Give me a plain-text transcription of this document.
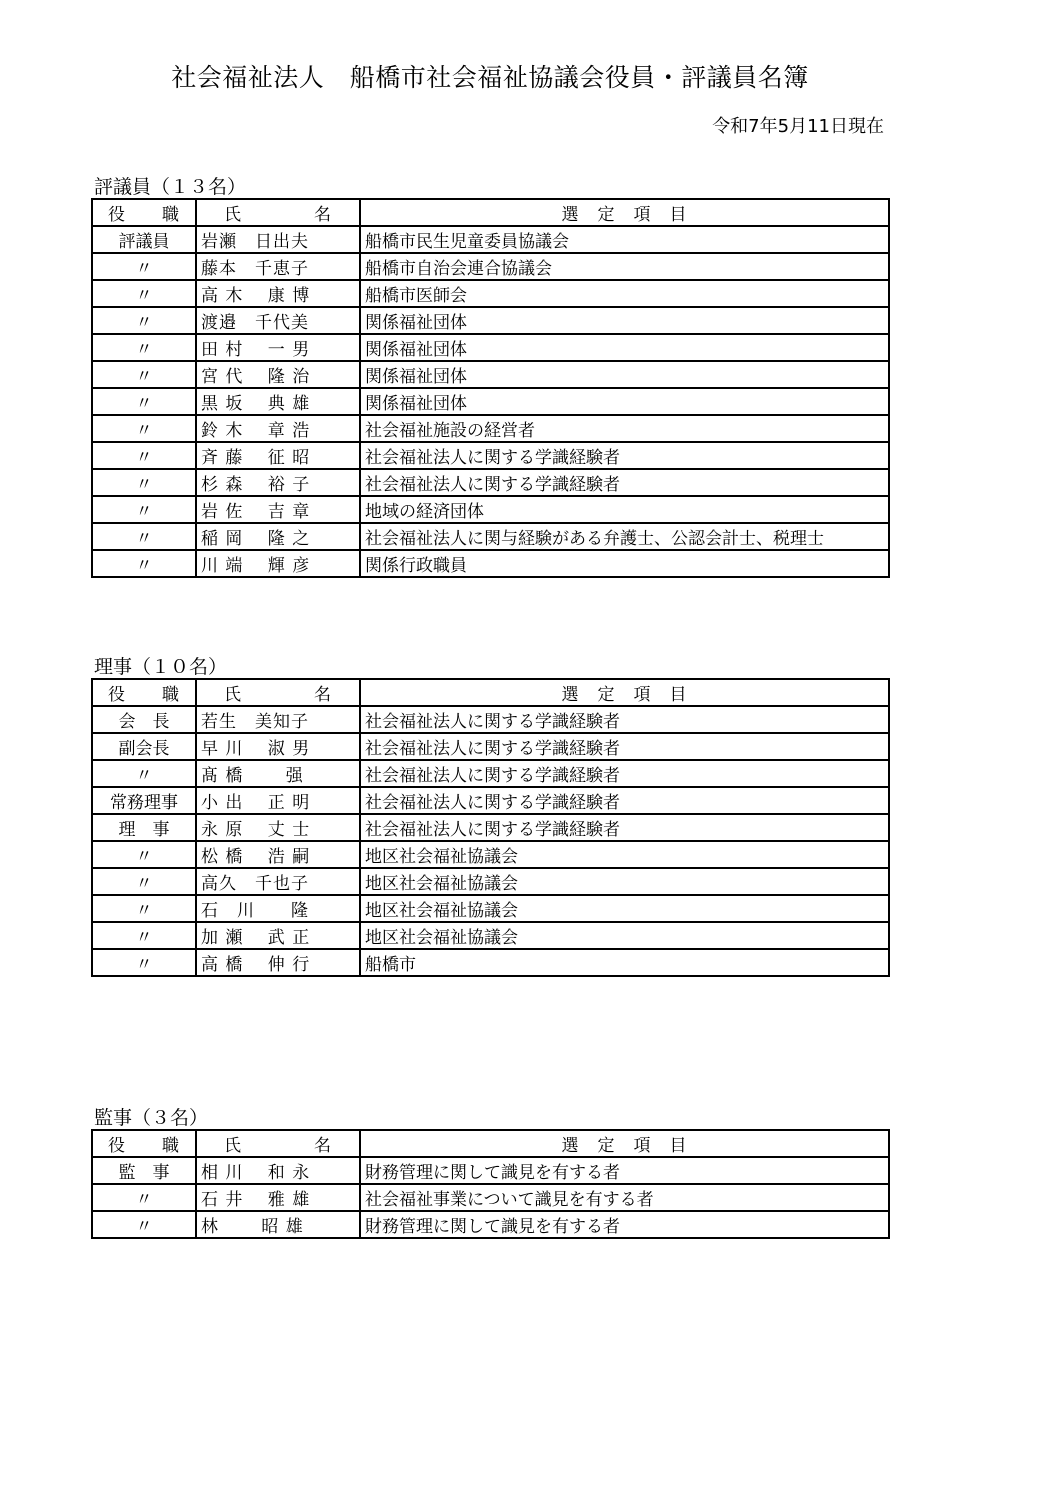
社会福祉法人　船橋市社会福祉協議会役員・評議員名簿
令和7年5月11日現在
評議員（１３名）
役　　職	氏　　　　名	選　定　項　目
評議員	岩瀬　日出夫	船橋市民生児童委員協議会
〃	藤本　千恵子	船橋市自治会連合協議会
〃	高 木　 康 博	船橋市医師会
〃	渡邉　千代美	関係福祉団体
〃	田 村　 一 男	関係福祉団体
〃	宮 代　 隆 治	関係福祉団体
〃	黒 坂　 典 雄	関係福祉団体
〃	鈴 木　 章 浩	社会福祉施設の経営者
〃	斉 藤　 征 昭	社会福祉法人に関する学識経験者
〃	杉 森　 裕 子	社会福祉法人に関する学識経験者
〃	岩 佐　 吉 章	地域の経済団体
〃	稲 岡　 隆 之	社会福祉法人に関与経験がある弁護士、公認会計士、税理士
〃	川 端　 輝 彦	関係行政職員
理事（１０名）
役　　職	氏　　　　名	選　定　項　目
会　長	若生　美知子	社会福祉法人に関する学識経験者
副会長	早 川　 淑 男	社会福祉法人に関する学識経験者
〃	髙 橋　　 强	社会福祉法人に関する学識経験者
常務理事	小 出　 正 明	社会福祉法人に関する学識経験者
理　事	永 原　 丈 士	社会福祉法人に関する学識経験者
〃	松 橋　 浩 嗣	地区社会福祉協議会
〃	高久　千也子	地区社会福祉協議会
〃	石　川　　隆	地区社会福祉協議会
〃	加 瀬　 武 正	地区社会福祉協議会
〃	高 橋　 伸 行	船橋市
監事（３名）
役　　職	氏　　　　名	選　定　項　目
監　事	相 川　 和 永	財務管理に関して識見を有する者
〃	石 井　 雅 雄	社会福祉事業について識見を有する者
〃	林　　 昭 雄	財務管理に関して識見を有する者
